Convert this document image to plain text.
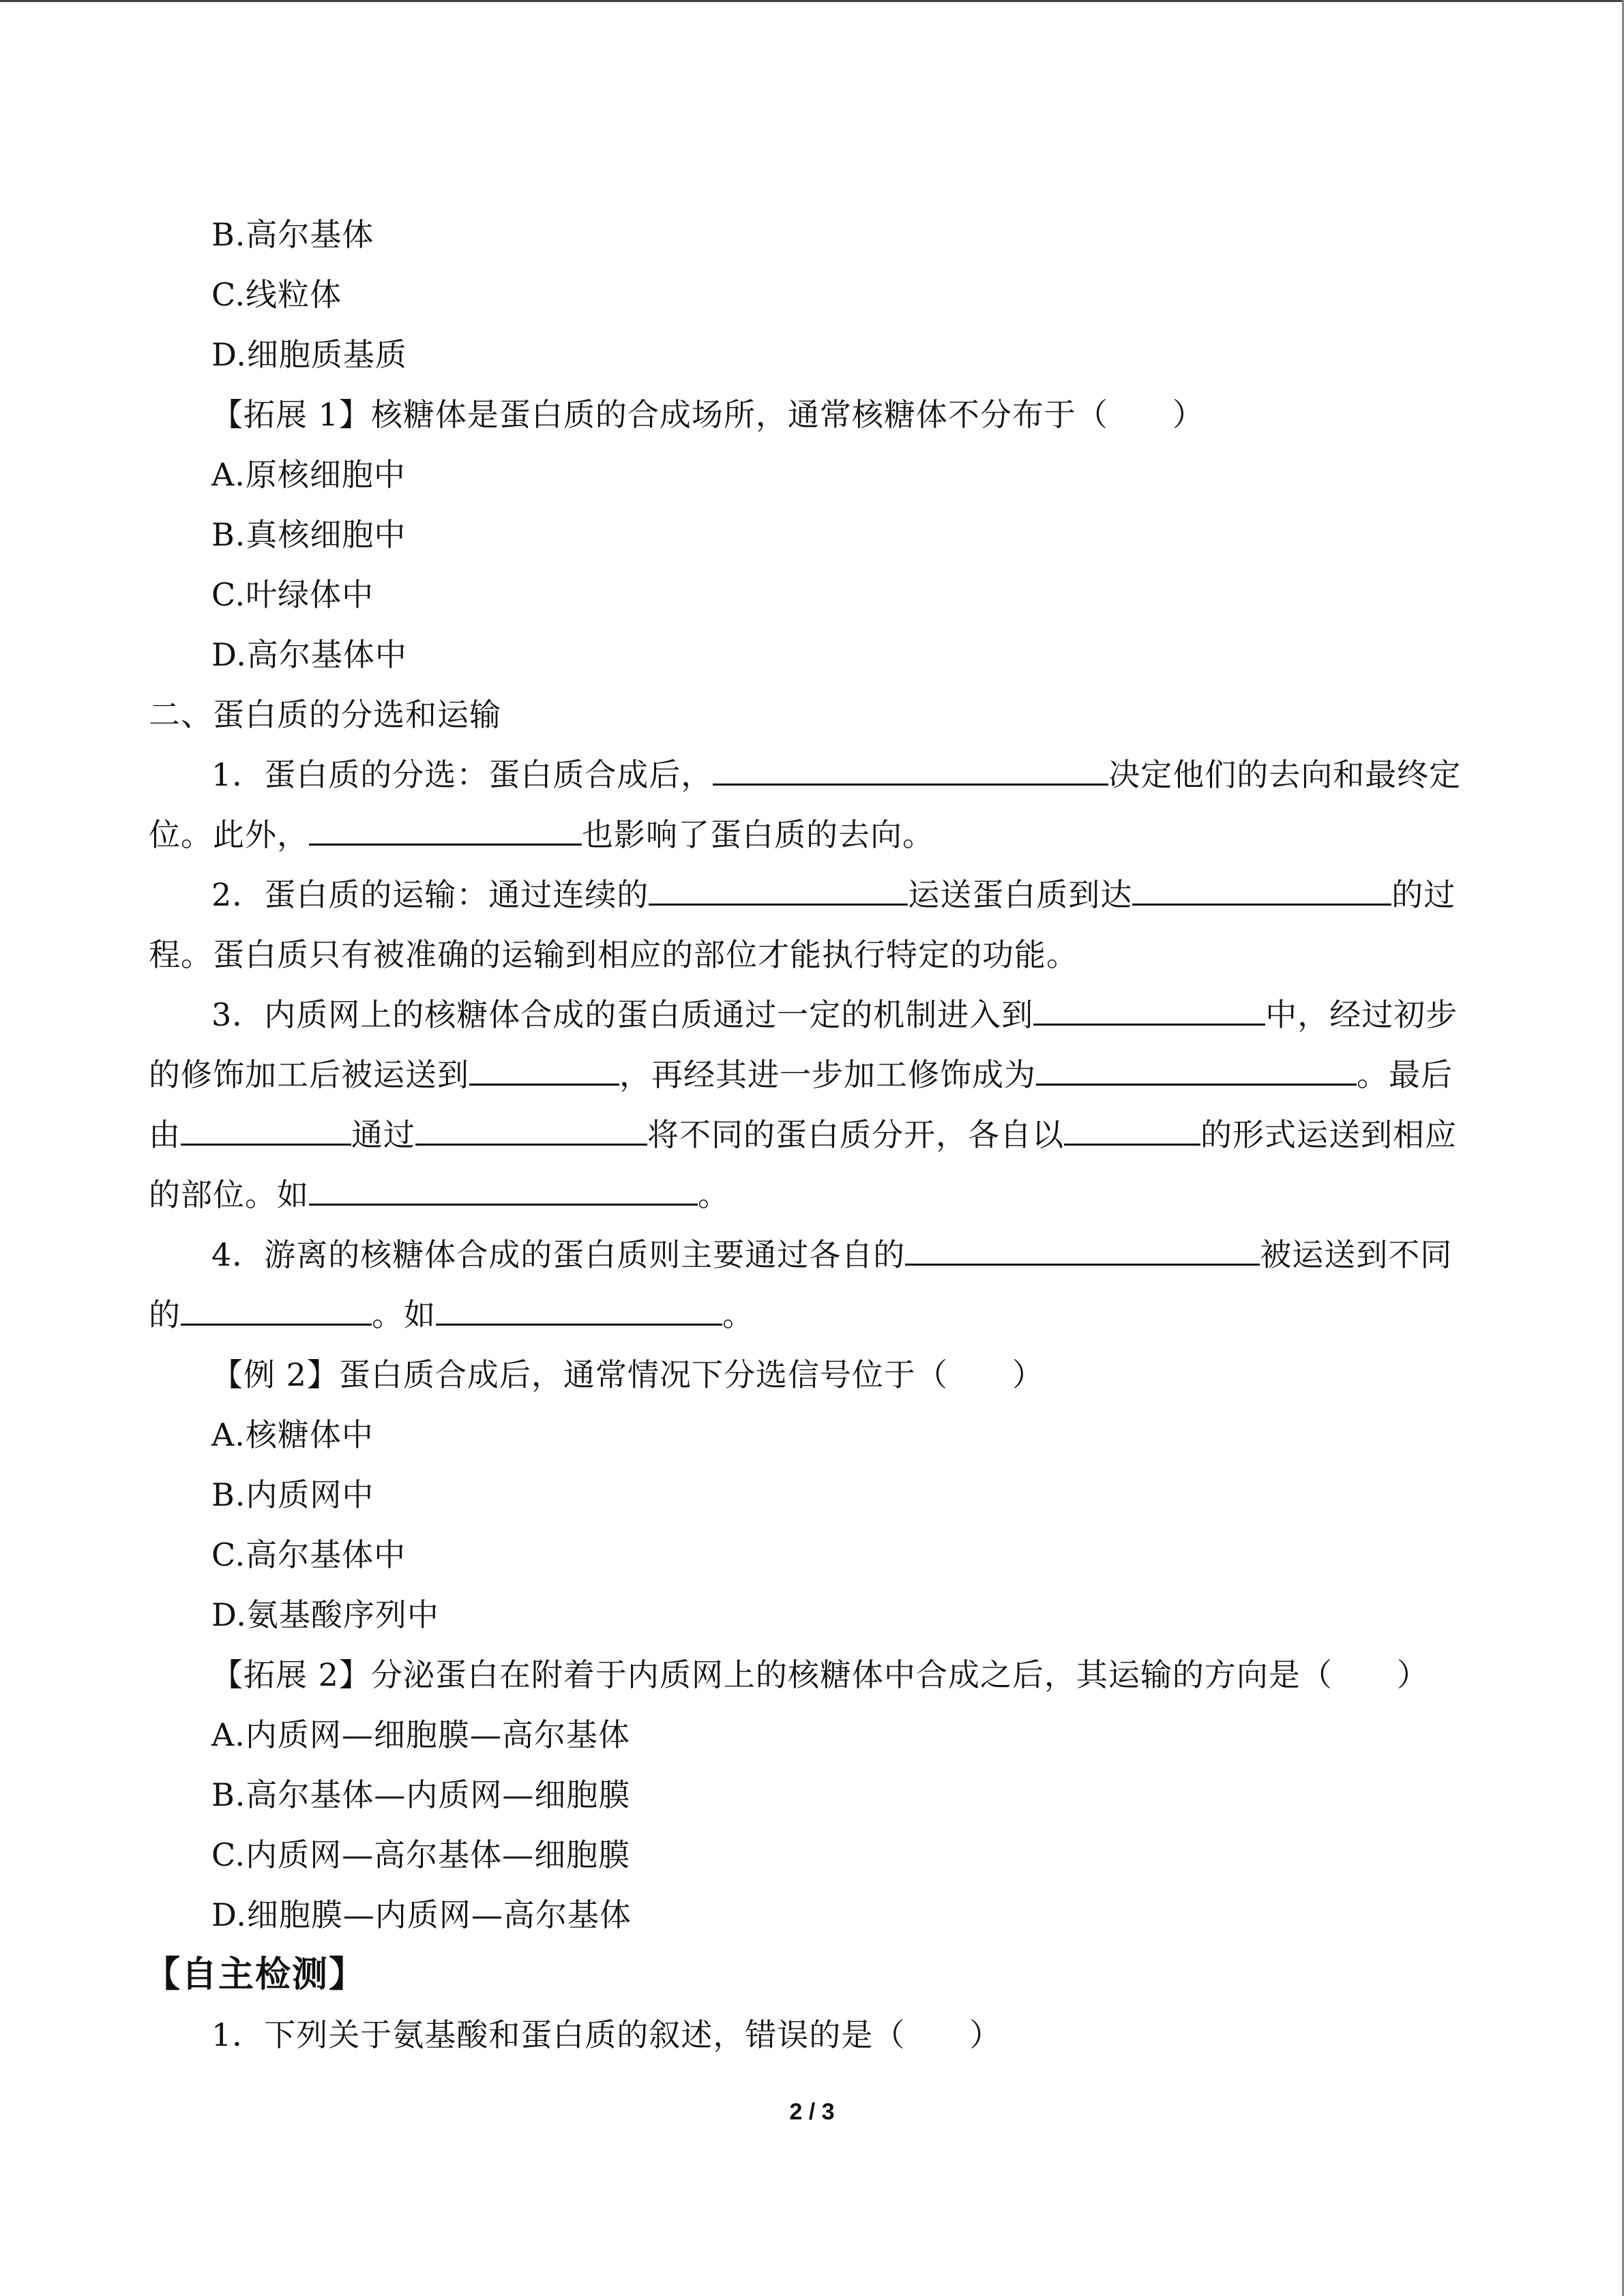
B.高尔基体
C.线粒体
D.细胞质基质
【拓展 1】核糖体是蛋白质的合成场所，通常核糖体不分布于（　　）
A.原核细胞中
B.真核细胞中
C.叶绿体中
D.高尔基体中
二、蛋白质的分选和运输
1．蛋白质的分选：蛋白质合成后，	决定他们的去向和最终定
位。此外，	也影响了蛋白质的去向。
2．蛋白质的运输：通过连续的	运送蛋白质到达	的过
程。蛋白质只有被准确的运输到相应的部位才能执行特定的功能。
3．内质网上的核糖体合成的蛋白质通过一定的机制进入到	中，经过初步
的修饰加工后被运送到	，再经其进一步加工修饰成为	。最后
由	通过	将不同的蛋白质分开，各自以	的形式运送到相应
的部位。如	。
4．游离的核糖体合成的蛋白质则主要通过各自的	被运送到不同
的	。如	。
【例 2】蛋白质合成后，通常情况下分选信号位于（　　）
A.核糖体中
B.内质网中
C.高尔基体中
D.氨基酸序列中
【拓展 2】分泌蛋白在附着于内质网上的核糖体中合成之后，其运输的方向是（　　）
A.内质网—细胞膜—高尔基体
B.高尔基体—内质网—细胞膜
C.内质网—高尔基体—细胞膜
D.细胞膜—内质网—高尔基体
【自主检测】
1．下列关于氨基酸和蛋白质的叙述，错误的是（　　）
2 / 3
